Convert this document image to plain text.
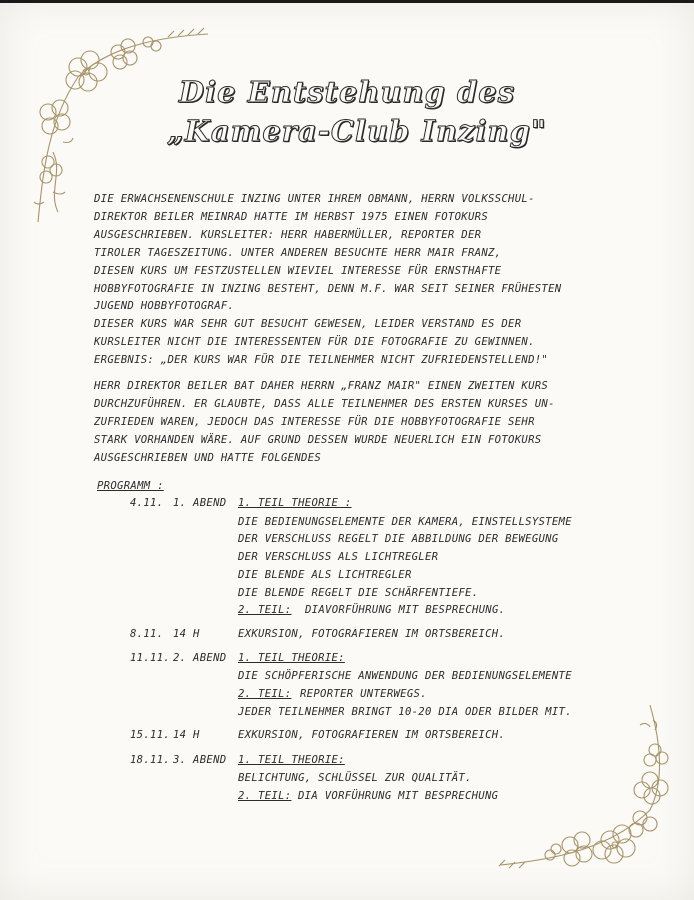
Die Entstehung des
„Kamera-Club Inzing"
DIE ERWACHSENENSCHULE INZING UNTER IHREM OBMANN, HERRN VOLKSSCHUL-
DIREKTOR BEILER MEINRAD HATTE IM HERBST 1975 EINEN FOTOKURS
AUSGESCHRIEBEN. KURSLEITER: HERR HABERMÜLLER, REPORTER DER
TIROLER TAGESZEITUNG. UNTER ANDEREN BESUCHTE HERR MAIR FRANZ,
DIESEN KURS UM FESTZUSTELLEN WIEVIEL INTERESSE FÜR ERNSTHAFTE
HOBBYFOTOGRAFIE IN INZING BESTEHT, DENN M.F. WAR SEIT SEINER FRÜHESTEN
JUGEND HOBBYFOTOGRAF.
DIESER KURS WAR SEHR GUT BESUCHT GEWESEN, LEIDER VERSTAND ES DER
KURSLEITER NICHT DIE INTERESSENTEN FÜR DIE FOTOGRAFIE ZU GEWINNEN.
ERGEBNIS: „DER KURS WAR FÜR DIE TEILNEHMER NICHT ZUFRIEDENSTELLEND!"
HERR DIREKTOR BEILER BAT DAHER HERRN „FRANZ MAIR" EINEN ZWEITEN KURS
DURCHZUFÜHREN. ER GLAUBTE, DASS ALLE TEILNEHMER DES ERSTEN KURSES UN-
ZUFRIEDEN WAREN, JEDOCH DAS INTERESSE FÜR DIE HOBBYFOTOGRAFIE SEHR
STARK VORHANDEN WÄRE. AUF GRUND DESSEN WURDE NEUERLICH EIN FOTOKURS
AUSGESCHRIEBEN UND HATTE FOLGENDES
PROGRAMM :
4.11. 1. ABEND 1. TEIL THEORIE :
DIE BEDIENUNGSELEMENTE DER KAMERA, EINSTELLSYSTEME
DER VERSCHLUSS REGELT DIE ABBILDUNG DER BEWEGUNG
DER VERSCHLUSS ALS LICHTREGLER
DIE BLENDE ALS LICHTREGLER
DIE BLENDE REGELT DIE SCHÄRFENTIEFE.
2. TEIL: DIAVORFÜHRUNG MIT BESPRECHUNG.
8.11. 14 H	EXKURSION, FOTOGRAFIEREN IM ORTSBEREICH.
11.11. 2. ABEND 1. TEIL THEORIE:
DIE SCHÖPFERISCHE ANWENDUNG DER BEDIENUNGSELEMENTE
2. TEIL: REPORTER UNTERWEGS.
JEDER TEILNEHMER BRINGT 10-20 DIA ODER BILDER MIT.
15.11. 14 H	EXKURSION, FOTOGRAFIEREN IM ORTSBEREICH.
18.11. 3. ABEND 1. TEIL THEORIE:
BELICHTUNG, SCHLÜSSEL ZUR QUALITÄT.
2. TEIL: DIA VORFÜHRUNG MIT BESPRECHUNG
